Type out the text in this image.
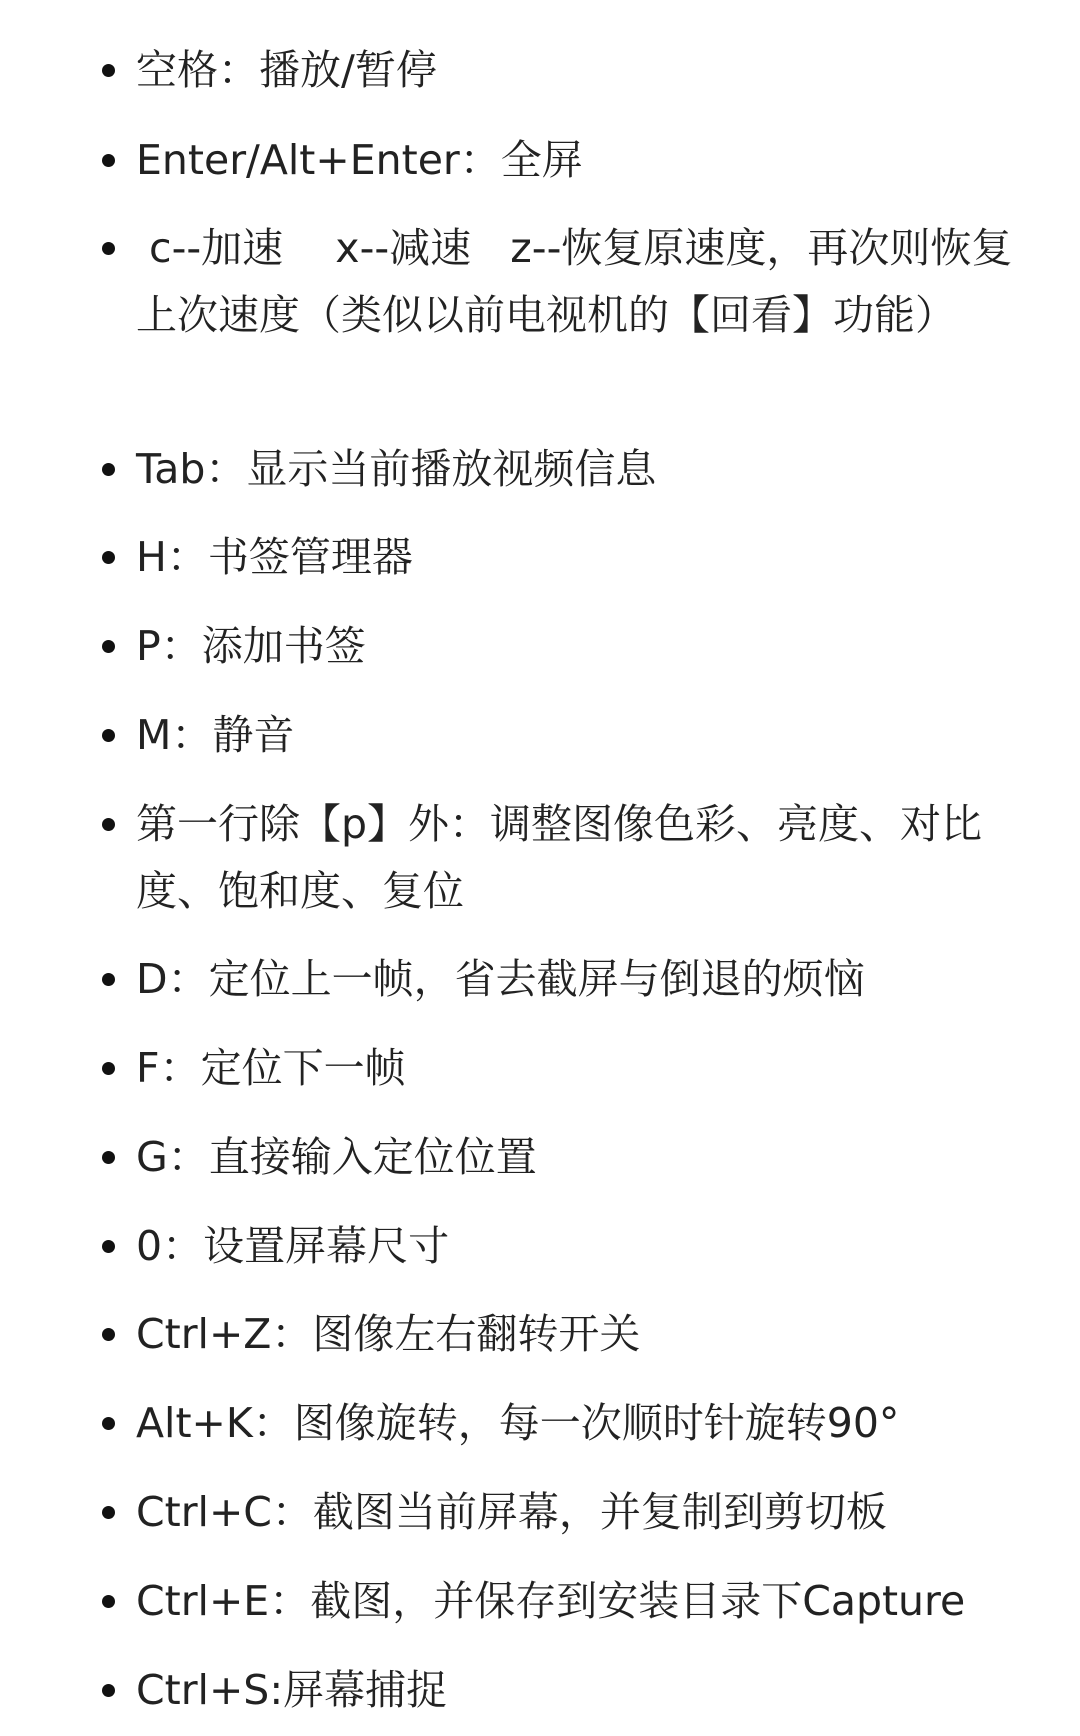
空格：播放/暂停
Enter/Alt+Enter：全屏
c--加速    x--减速   z--恢复原速度，再次则恢复上次速度（类似以前电视机的【回看】功能）
Tab：显示当前播放视频信息
H：书签管理器
P：添加书签
M：静音
第一行除【p】外：调整图像色彩、亮度、对比度、饱和度、复位
D：定位上一帧，省去截屏与倒退的烦恼
F：定位下一帧
G：直接输入定位位置
0：设置屏幕尺寸
Ctrl+Z：图像左右翻转开关
Alt+K：图像旋转，每一次顺时针旋转90°
Ctrl+C：截图当前屏幕，并复制到剪切板
Ctrl+E：截图，并保存到安装目录下Capture
Ctrl+S:屏幕捕捉
